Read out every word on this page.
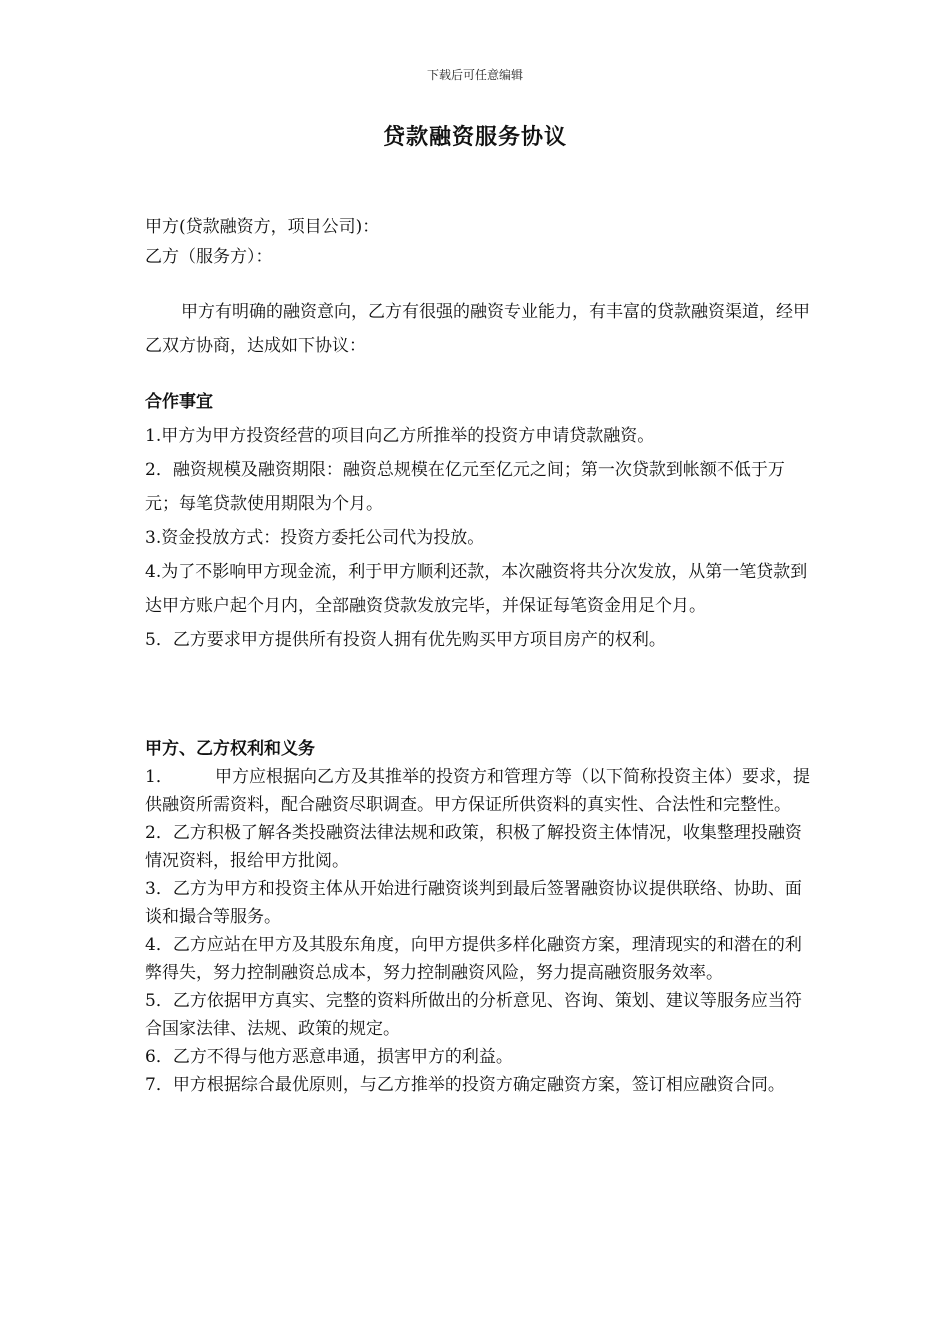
下载后可任意编辑
贷款融资服务协议

甲方(贷款融资方，项目公司)：

乙方（服务方）：

甲方有明确的融资意向，乙方有很强的融资专业能力，有丰富的贷款融资渠道，经甲乙双方协商，达成如下协议：

合作事宜

1.甲方为甲方投资经营的项目向乙方所推举的投资方申请贷款融资。

2．融资规模及融资期限：融资总规模在亿元至亿元之间；第一次贷款到帐额不低于万元；每笔贷款使用期限为个月。

3.资金投放方式：投资方委托公司代为投放。

4.为了不影响甲方现金流，利于甲方顺利还款，本次融资将共分次发放，从第一笔贷款到达甲方账户起个月内，全部融资贷款发放完毕，并保证每笔资金用足个月。

5．乙方要求甲方提供所有投资人拥有优先购买甲方项目房产的权利。

甲方、乙方权利和义务

1． 甲方应根据向乙方及其推举的投资方和管理方等（以下简称投资主体）要求，提供融资所需资料，配合融资尽职调查。甲方保证所供资料的真实性、合法性和完整性。

2．乙方积极了解各类投融资法律法规和政策，积极了解投资主体情况，收集整理投融资情况资料，报给甲方批阅。

3．乙方为甲方和投资主体从开始进行融资谈判到最后签署融资协议提供联络、协助、面谈和撮合等服务。

4．乙方应站在甲方及其股东角度，向甲方提供多样化融资方案，理清现实的和潜在的利弊得失，努力控制融资总成本，努力控制融资风险，努力提高融资服务效率。

5．乙方依据甲方真实、完整的资料所做出的分析意见、咨询、策划、建议等服务应当符合国家法律、法规、政策的规定。

6．乙方不得与他方恶意串通，损害甲方的利益。

7．甲方根据综合最优原则，与乙方推举的投资方确定融资方案，签订相应融资合同。
